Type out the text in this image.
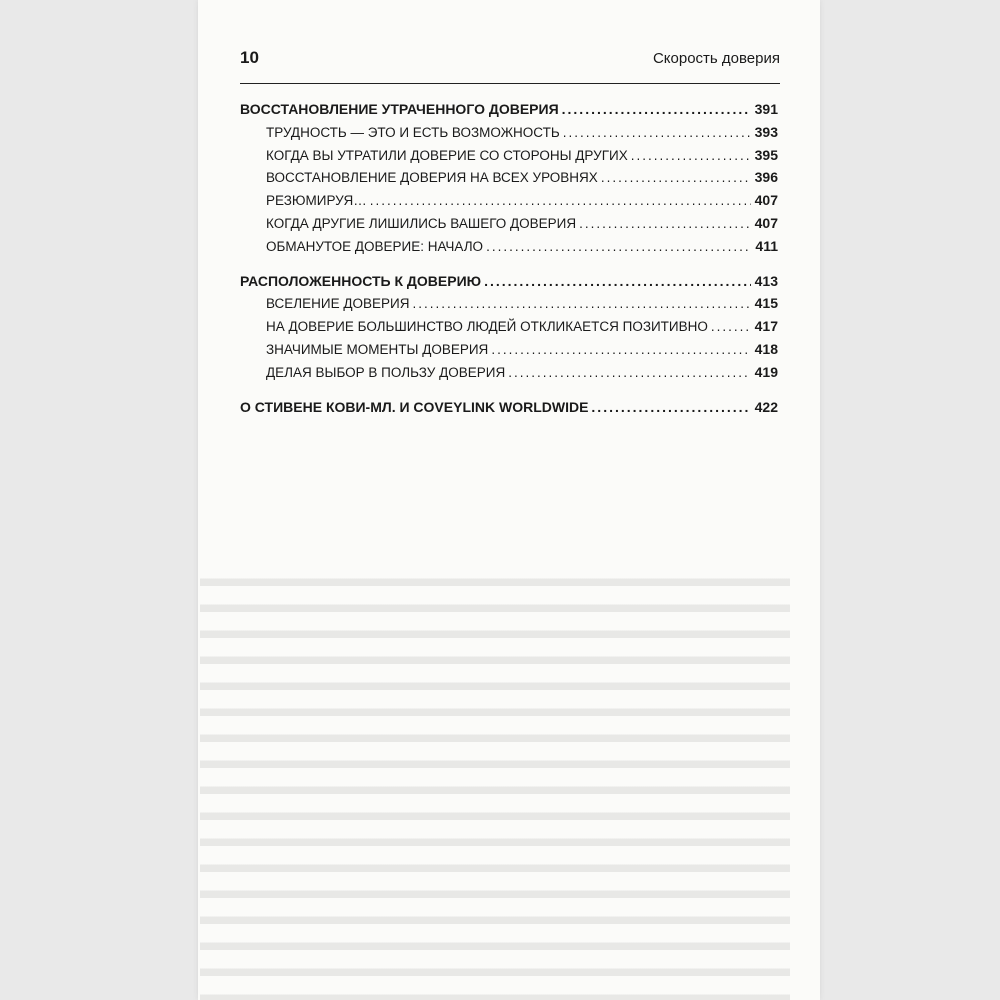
10	Скорость доверия
ВОССТАНОВЛЕНИЕ УТРАЧЕННОГО ДОВЕРИЯ .....	391
ТРУДНОСТЬ — ЭТО И ЕСТЬ ВОЗМОЖНОСТЬ .....	393
КОГДА ВЫ УТРАТИЛИ ДОВЕРИЕ СО СТОРОНЫ ДРУГИХ .....	395
ВОССТАНОВЛЕНИЕ ДОВЕРИЯ НА ВСЕХ УРОВНЯХ .....	396
РЕЗЮМИРУЯ… .....	407
КОГДА ДРУГИЕ ЛИШИЛИСЬ ВАШЕГО ДОВЕРИЯ .....	407
ОБМАНУТОЕ ДОВЕРИЕ: НАЧАЛО .....	411
РАСПОЛОЖЕННОСТЬ К ДОВЕРИЮ .....	413
ВСЕЛЕНИЕ ДОВЕРИЯ .....	415
НА ДОВЕРИЕ БОЛЬШИНСТВО ЛЮДЕЙ ОТКЛИКАЕТСЯ ПОЗИТИВНО .....	417
ЗНАЧИМЫЕ МОМЕНТЫ ДОВЕРИЯ .....	418
ДЕЛАЯ ВЫБОР В ПОЛЬЗУ ДОВЕРИЯ .....	419
О СТИВЕНЕ КОВИ-МЛ. И COVEYLINK WORLDWIDE .....	422
